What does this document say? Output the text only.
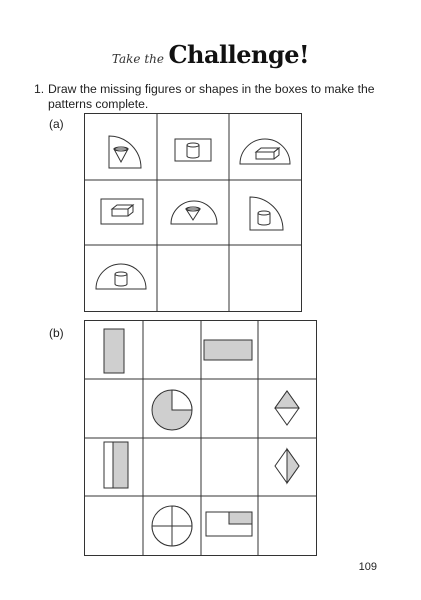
Take the Challenge!
1. Draw the missing figures or shapes in the boxes to make the patterns complete.
(a)
(b)
109
